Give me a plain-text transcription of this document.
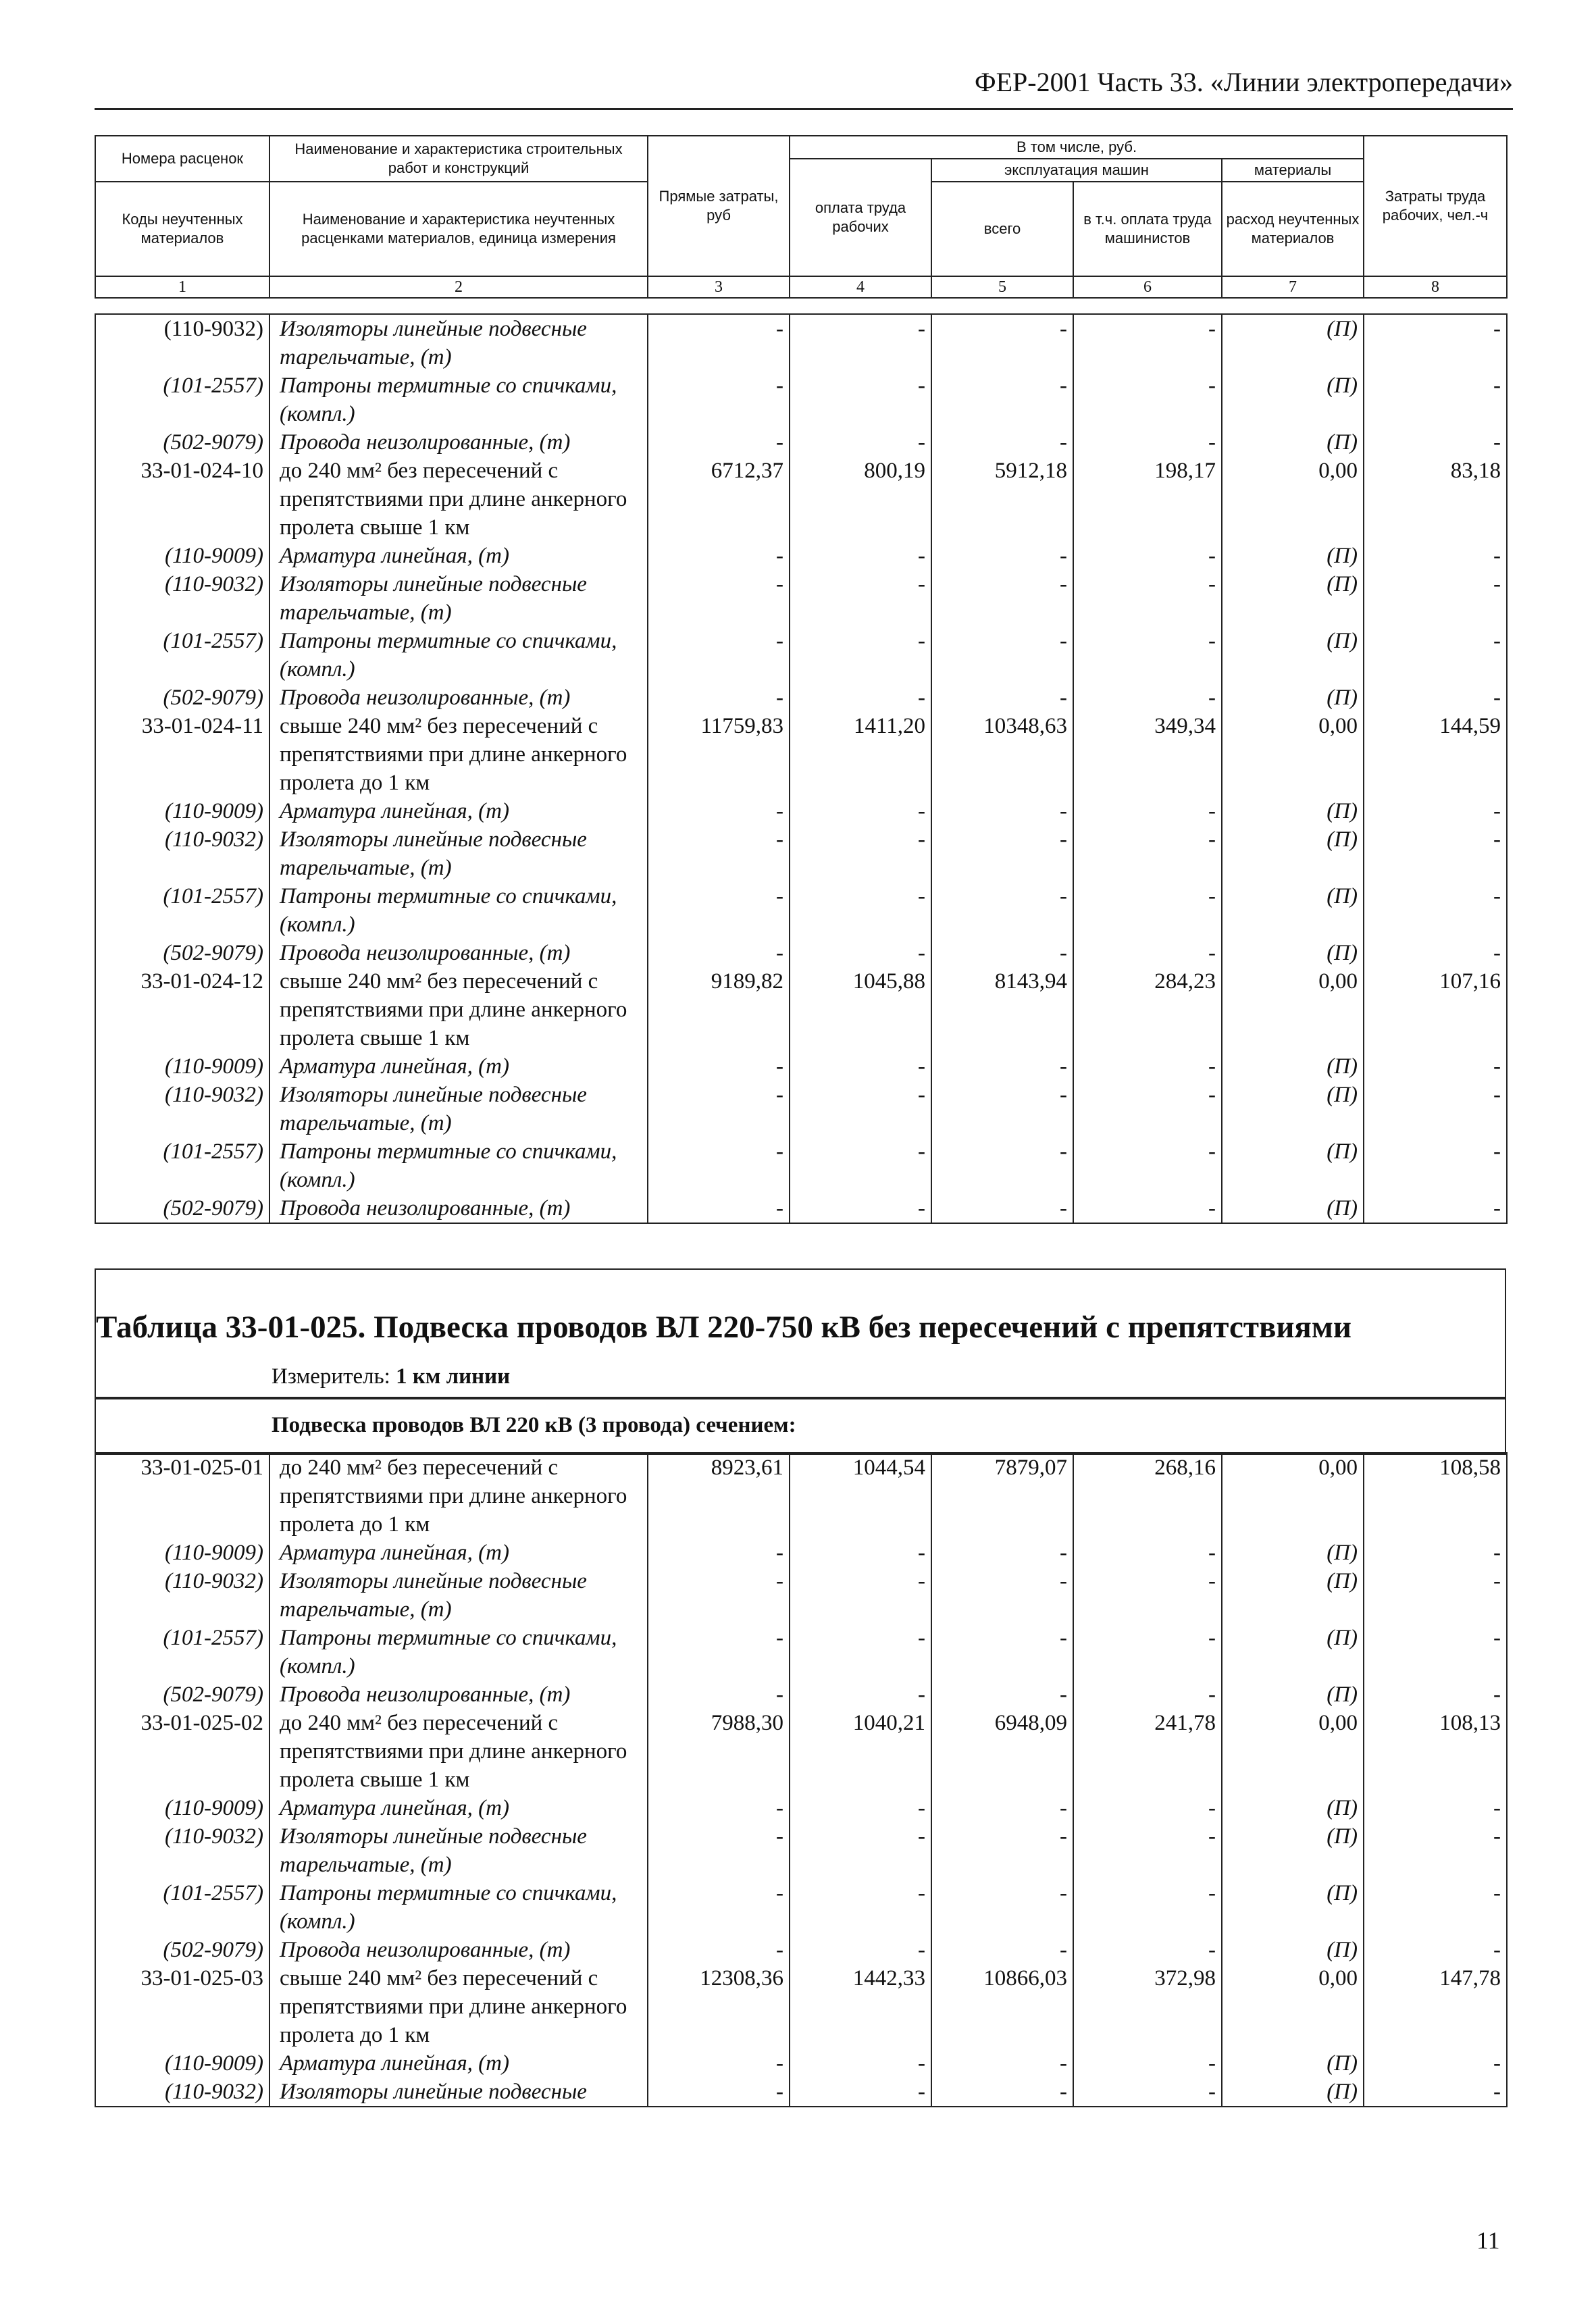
ФЕР-2001 Часть 33. «Линии электропередачи»
Номера расценок	Наименование и характеристика строительных работ и конструкций	Прямые затраты, руб	В том числе, руб.				Затраты труда рабочих, чел.-ч
			оплата труда рабочих	эксплуатация машин		материалы	
Коды неучтенных материалов	Наименование и характеристика неучтенных расценками материалов, единица измерения			всего	в т.ч. оплата труда машинистов	расход неучтенных материалов	

1	2	3	4	5	6	7	8
(110-9032)	Изоляторы линейные подвесные тарельчатые, (т)	-	-	-	-	(П)	-
(101-2557)	Патроны термитные со спичками, (компл.)	-	-	-	-	(П)	-
(502-9079)	Провода неизолированные, (т)	-	-	-	-	(П)	-
33-01-024-10	до 240 мм² без пересечений с препятствиями при длине анкерного пролета свыше 1 км	6712,37	800,19	5912,18	198,17	0,00	83,18
(110-9009)	Арматура линейная, (т)	-	-	-	-	(П)	-
(110-9032)	Изоляторы линейные подвесные тарельчатые, (т)	-	-	-	-	(П)	-
(101-2557)	Патроны термитные со спичками, (компл.)	-	-	-	-	(П)	-
(502-9079)	Провода неизолированные, (т)	-	-	-	-	(П)	-
33-01-024-11	свыше 240 мм² без пересечений с препятствиями при длине анкерного пролета до 1 км	11759,83	1411,20	10348,63	349,34	0,00	144,59
(110-9009)	Арматура линейная, (т)	-	-	-	-	(П)	-
(110-9032)	Изоляторы линейные подвесные тарельчатые, (т)	-	-	-	-	(П)	-
(101-2557)	Патроны термитные со спичками, (компл.)	-	-	-	-	(П)	-
(502-9079)	Провода неизолированные, (т)	-	-	-	-	(П)	-
33-01-024-12	свыше 240 мм² без пересечений с препятствиями при длине анкерного пролета свыше 1 км	9189,82	1045,88	8143,94	284,23	0,00	107,16
(110-9009)	Арматура линейная, (т)	-	-	-	-	(П)	-
(110-9032)	Изоляторы линейные подвесные тарельчатые, (т)	-	-	-	-	(П)	-
(101-2557)	Патроны термитные со спичками, (компл.)	-	-	-	-	(П)	-
(502-9079)	Провода неизолированные, (т)	-	-	-	-	(П)	-
Таблица 33-01-025. Подвеска проводов ВЛ 220-750 кВ без пересечений с препятствиями
Измеритель: 1 км линии
Подвеска проводов ВЛ 220 кВ (3 провода) сечением:
33-01-025-01	до 240 мм² без пересечений с препятствиями при длине анкерного пролета до 1 км	8923,61	1044,54	7879,07	268,16	0,00	108,58
(110-9009)	Арматура линейная, (т)	-	-	-	-	(П)	-
(110-9032)	Изоляторы линейные подвесные тарельчатые, (т)	-	-	-	-	(П)	-
(101-2557)	Патроны термитные со спичками, (компл.)	-	-	-	-	(П)	-
(502-9079)	Провода неизолированные, (т)	-	-	-	-	(П)	-
33-01-025-02	до 240 мм² без пересечений с препятствиями при длине анкерного пролета свыше 1 км	7988,30	1040,21	6948,09	241,78	0,00	108,13
(110-9009)	Арматура линейная, (т)	-	-	-	-	(П)	-
(110-9032)	Изоляторы линейные подвесные тарельчатые, (т)	-	-	-	-	(П)	-
(101-2557)	Патроны термитные со спичками, (компл.)	-	-	-	-	(П)	-
(502-9079)	Провода неизолированные, (т)	-	-	-	-	(П)	-
33-01-025-03	свыше 240 мм² без пересечений с препятствиями при длине анкерного пролета до 1 км	12308,36	1442,33	10866,03	372,98	0,00	147,78
(110-9009)	Арматура линейная, (т)	-	-	-	-	(П)	-
(110-9032)	Изоляторы линейные подвесные	-	-	-	-	(П)	-
11
